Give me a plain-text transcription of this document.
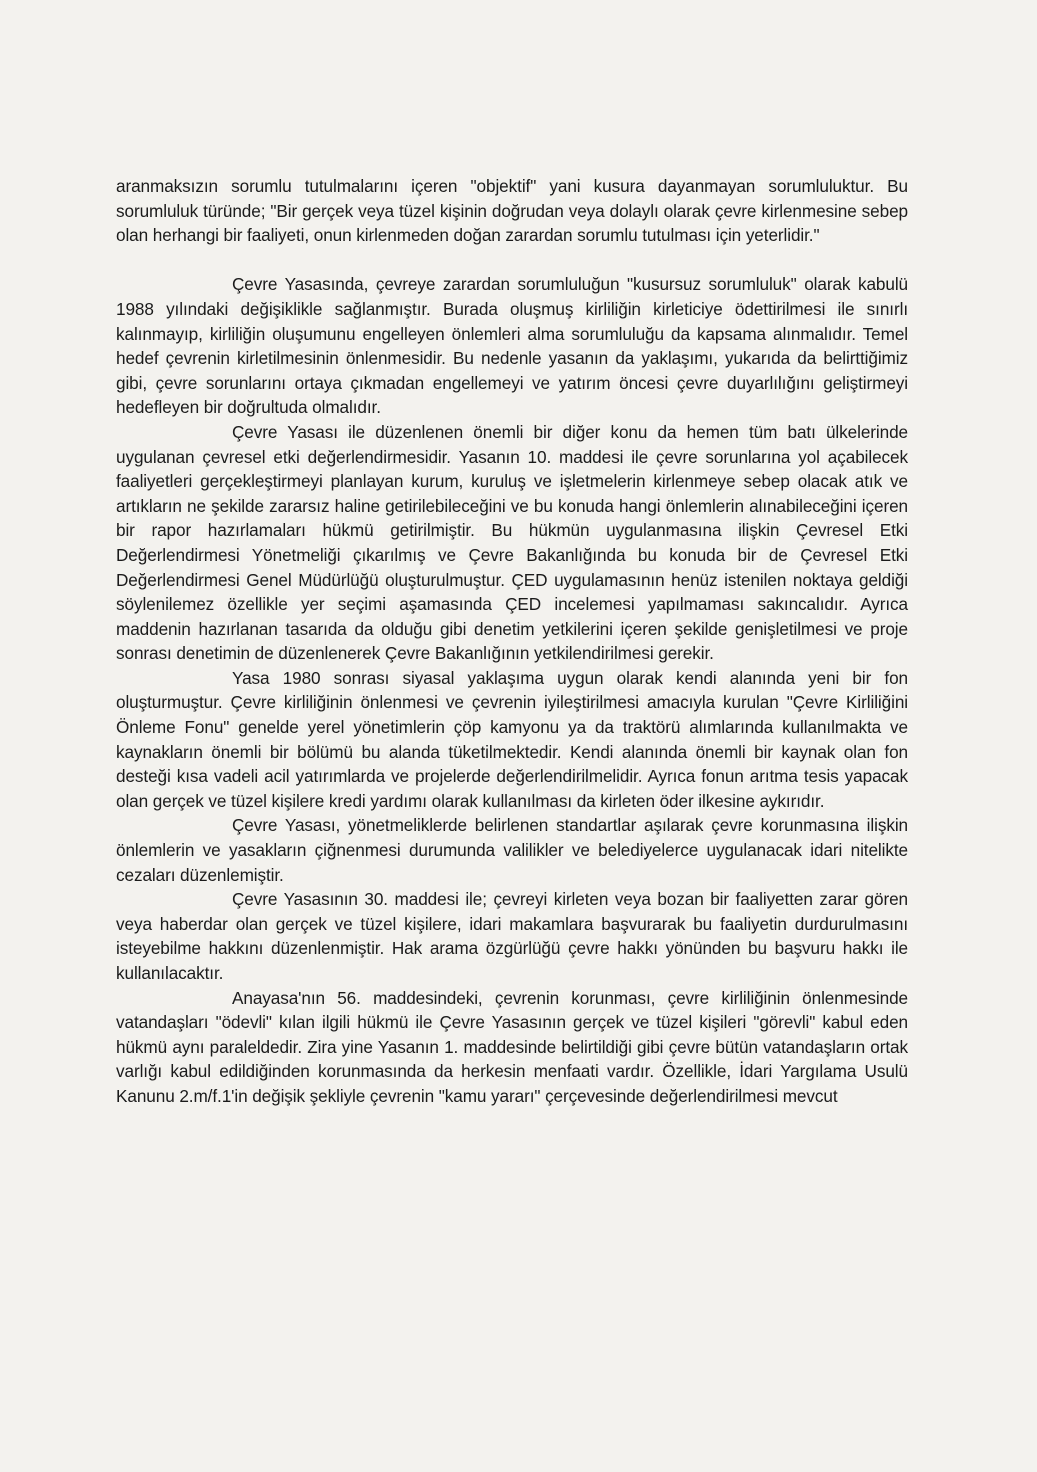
aranmaksızın sorumlu tutulmalarını içeren "objektif" yani kusura dayanmayan sorumluluktur. Bu sorumluluk türünde; "Bir gerçek veya tüzel kişinin doğrudan veya dolaylı olarak çevre kirlenmesine sebep olan herhangi bir faaliyeti, onun kirlenmeden doğan zarardan sorumlu tutulması için yeterlidir."

Çevre Yasasında, çevreye zarardan sorumluluğun "kusursuz sorumluluk" olarak kabulü 1988 yılındaki değişiklikle sağlanmıştır. Burada oluşmuş kirliliğin kirleticiye ödettirilmesi ile sınırlı kalınmayıp, kirliliğin oluşumunu engelleyen önlemleri alma sorumluluğu da kapsama alınmalıdır. Temel hedef çevrenin kirletilmesinin önlenmesidir. Bu nedenle yasanın da yaklaşımı, yukarıda da belirttiğimiz gibi, çevre sorunlarını ortaya çıkmadan engellemeyi ve yatırım öncesi çevre duyarlılığını geliştirmeyi hedefleyen bir doğrultuda olmalıdır.

Çevre Yasası ile düzenlenen önemli bir diğer konu da hemen tüm batı ülkelerinde uygulanan çevresel etki değerlendirmesidir. Yasanın 10. maddesi ile çevre sorunlarına yol açabilecek faaliyetleri gerçekleştirmeyi planlayan kurum, kuruluş ve işletmelerin kirlenmeye sebep olacak atık ve artıkların ne şekilde zararsız haline getirilebileceğini ve bu konuda hangi önlemlerin alınabileceğini içeren bir rapor hazırlamaları hükmü getirilmiştir. Bu hükmün uygulanmasına ilişkin Çevresel Etki Değerlendirmesi Yönetmeliği çıkarılmış ve Çevre Bakanlığında bu konuda bir de Çevresel Etki Değerlendirmesi Genel Müdürlüğü oluşturulmuştur. ÇED uygulamasının henüz istenilen noktaya geldiği söylenilemez özellikle yer seçimi aşamasında ÇED incelemesi yapılmaması sakıncalıdır. Ayrıca maddenin hazırlanan tasarıda da olduğu gibi denetim yetkilerini içeren şekilde genişletilmesi ve proje sonrası denetimin de düzenlenerek Çevre Bakanlığının yetkilendirilmesi gerekir.

Yasa 1980 sonrası siyasal yaklaşıma uygun olarak kendi alanında yeni bir fon oluşturmuştur. Çevre kirliliğinin önlenmesi ve çevrenin iyileştirilmesi amacıyla kurulan "Çevre Kirliliğini Önleme Fonu" genelde yerel yönetimlerin çöp kamyonu ya da traktörü alımlarında kullanılmakta ve kaynakların önemli bir bölümü bu alanda tüketilmektedir. Kendi alanında önemli bir kaynak olan fon desteği kısa vadeli acil yatırımlarda ve projelerde değerlendirilmelidir. Ayrıca fonun arıtma tesis yapacak olan gerçek ve tüzel kişilere kredi yardımı olarak kullanılması da kirleten öder ilkesine aykırıdır.

Çevre Yasası, yönetmeliklerde belirlenen standartlar aşılarak çevre korunmasına ilişkin önlemlerin ve yasakların çiğnenmesi durumunda valilikler ve belediyelerce uygulanacak idari nitelikte cezaları düzenlemiştir.

Çevre Yasasının 30. maddesi ile; çevreyi kirleten veya bozan bir faaliyetten zarar gören veya haberdar olan gerçek ve tüzel kişilere, idari makamlara başvurarak bu faaliyetin durdurulmasını isteyebilme hakkını düzenlenmiştir. Hak arama özgürlüğü çevre hakkı yönünden bu başvuru hakkı ile kullanılacaktır.

Anayasa'nın 56. maddesindeki, çevrenin korunması, çevre kirliliğinin önlenmesinde vatandaşları "ödevli" kılan ilgili hükmü ile Çevre Yasasının gerçek ve tüzel kişileri "görevli" kabul eden hükmü aynı paraleldedir. Zira yine Yasanın 1. maddesinde belirtildiği gibi çevre bütün vatandaşların ortak varlığı kabul edildiğinden korunmasında da herkesin menfaati vardır. Özellikle, İdari Yargılama Usulü Kanunu 2.m/f.1'in değişik şekliyle çevrenin "kamu yararı" çerçevesinde değerlendirilmesi mevcut
